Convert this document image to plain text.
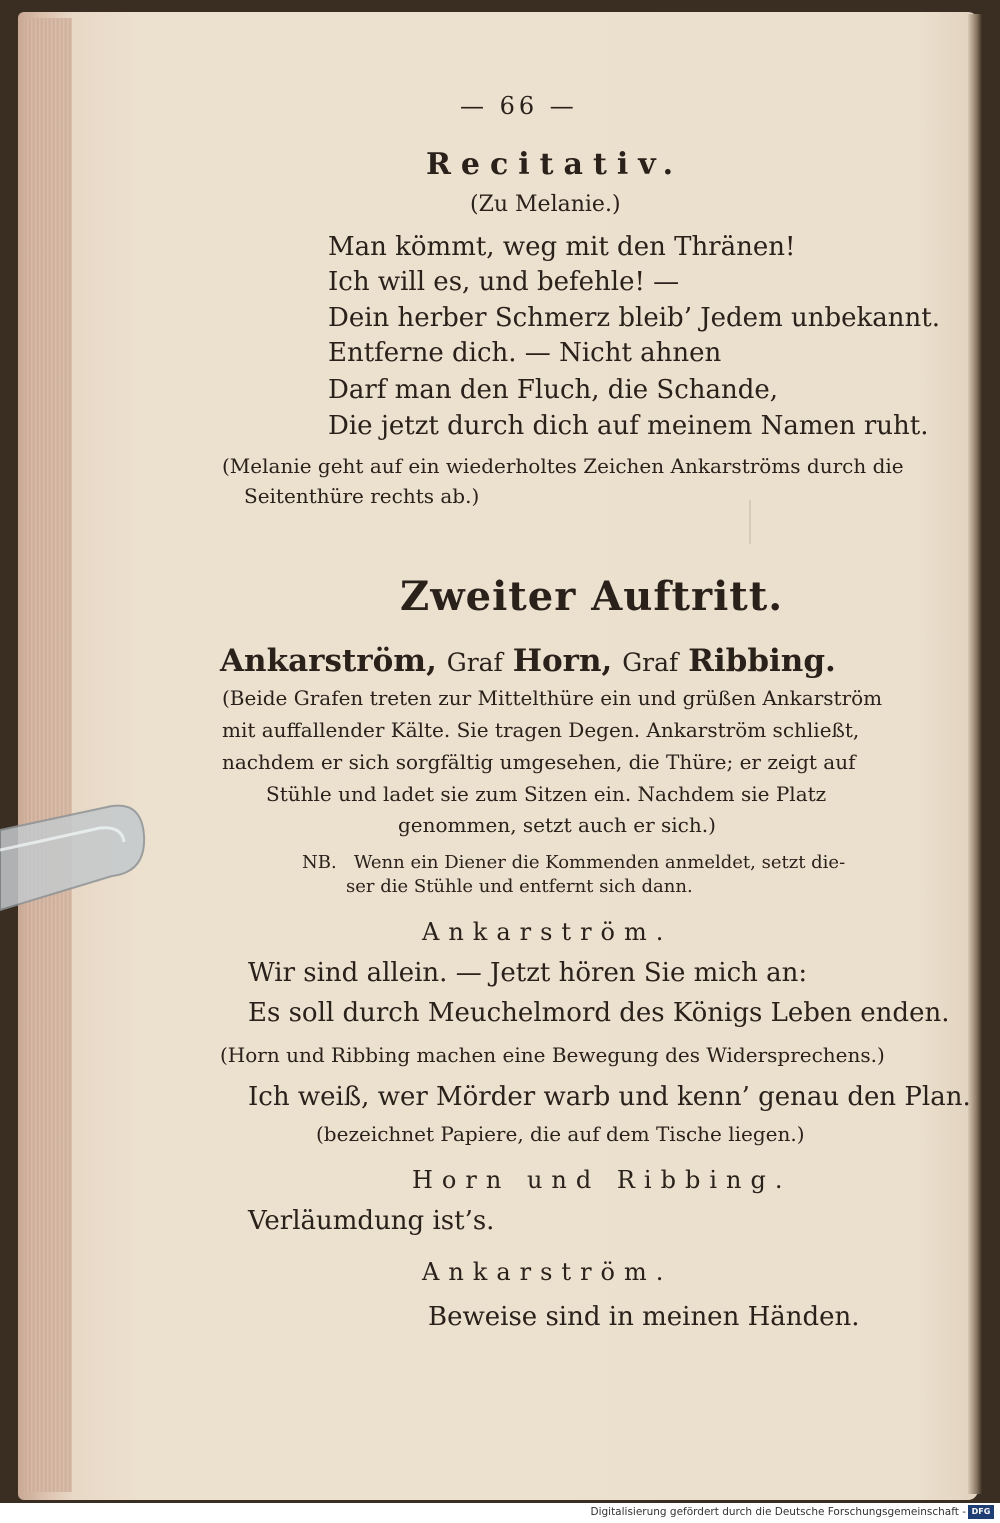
— 66 —
Recitativ.
(Zu Melanie.)
Man kömmt, weg mit den Thränen!
Ich will es, und befehle! —
Dein herber Schmerz bleib’ Jedem unbekannt.
Entferne dich. — Nicht ahnen
Darf man den Fluch, die Schande,
Die jetzt durch dich auf meinem Namen ruht.
(Melanie geht auf ein wiederholtes Zeichen Ankarströms durch die
Seitenthüre rechts ab.)
Zweiter Auftritt.
Ankarström, Graf Horn, Graf Ribbing.
(Beide Grafen treten zur Mittelthüre ein und grüßen Ankarström
mit auffallender Kälte. Sie tragen Degen. Ankarström schließt,
nachdem er sich sorgfältig umgesehen, die Thüre; er zeigt auf
Stühle und ladet sie zum Sitzen ein. Nachdem sie Platz
genommen, setzt auch er sich.)
NB. Wenn ein Diener die Kommenden anmeldet, setzt die-
ser die Stühle und entfernt sich dann.
Ankarström.
Wir sind allein. — Jetzt hören Sie mich an:
Es soll durch Meuchelmord des Königs Leben enden.
(Horn und Ribbing machen eine Bewegung des Widersprechens.)
Ich weiß, wer Mörder warb und kenn’ genau den Plan.
(bezeichnet Papiere, die auf dem Tische liegen.)
Horn und Ribbing.
Verläumdung ist’s.
Ankarström.
Beweise sind in meinen Händen.
Digitalisierung gefördert durch die Deutsche Forschungsgemeinschaft - DFG
